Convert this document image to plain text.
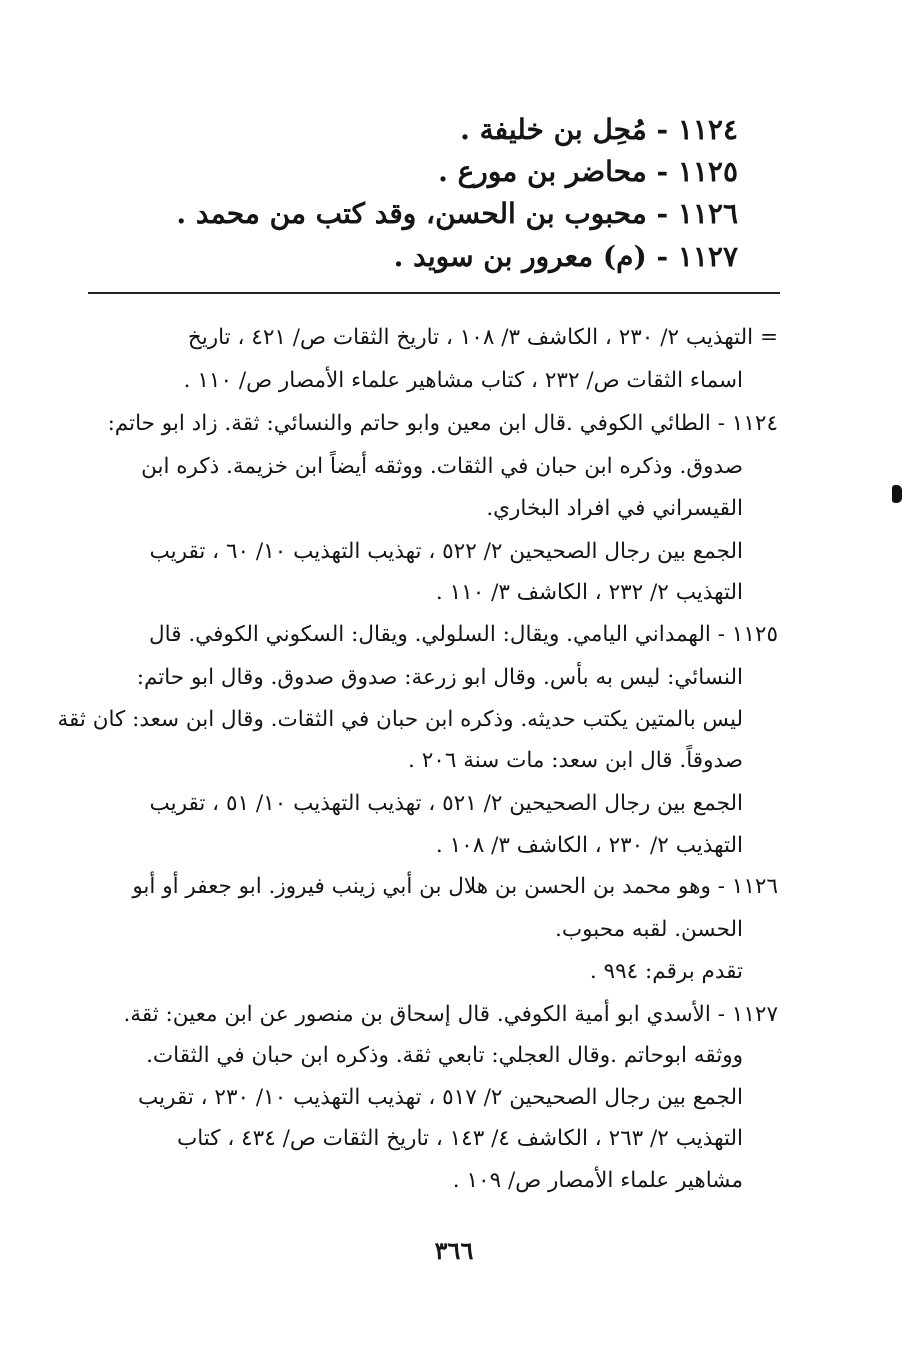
١١٢٤ - مُحِل بن خليفة .
١١٢٥ - محاضر بن مورع .
١١٢٦ - محبوب بن الحسن، وقد كتب من محمد .
١١٢٧ - (م) معرور بن سويد .
= التهذيب ٢/ ٢٣٠ ، الكاشف ٣/ ١٠٨ ، تاريخ الثقات ص/ ٤٢١ ، تاريخ
اسماء الثقات ص/ ٢٣٢ ، كتاب مشاهير علماء الأمصار ص/ ١١٠ .
١١٢٤ - الطائي الكوفي .قال ابن معين وابو حاتم والنسائي: ثقة. زاد ابو حاتم:
صدوق. وذكره ابن حبان في الثقات. ووثقه أيضاً ابن خزيمة. ذكره ابن
القيسراني في افراد البخاري.
الجمع بين رجال الصحيحين ٢/ ٥٢٢ ، تهذيب التهذيب ١٠/ ٦٠ ، تقريب
التهذيب ٢/ ٢٣٢ ، الكاشف ٣/ ١١٠ .
١١٢٥ - الهمداني اليامي. ويقال: السلولي. ويقال: السكوني الكوفي. قال
النسائي: ليس به بأس. وقال ابو زرعة: صدوق صدوق. وقال ابو حاتم:
ليس بالمتين يكتب حديثه. وذكره ابن حبان في الثقات. وقال ابن سعد: كان ثقة
صدوقاً. قال ابن سعد: مات سنة ٢٠٦ .
الجمع بين رجال الصحيحين ٢/ ٥٢١ ، تهذيب التهذيب ١٠/ ٥١ ، تقريب
التهذيب ٢/ ٢٣٠ ، الكاشف ٣/ ١٠٨ .
١١٢٦ - وهو محمد بن الحسن بن هلال بن أبي زينب فيروز. ابو جعفر أو أبو
الحسن. لقبه محبوب.
تقدم برقم: ٩٩٤ .
١١٢٧ - الأسدي ابو أمية الكوفي. قال إسحاق بن منصور عن ابن معين: ثقة.
ووثقه ابوحاتم .وقال العجلي: تابعي ثقة. وذكره ابن حبان في الثقات.
الجمع بين رجال الصحيحين ٢/ ٥١٧ ، تهذيب التهذيب ١٠/ ٢٣٠ ، تقريب
التهذيب ٢/ ٢٦٣ ، الكاشف ٤/ ١٤٣ ، تاريخ الثقات ص/ ٤٣٤ ، كتاب
مشاهير علماء الأمصار ص/ ١٠٩ .
٣٦٦
